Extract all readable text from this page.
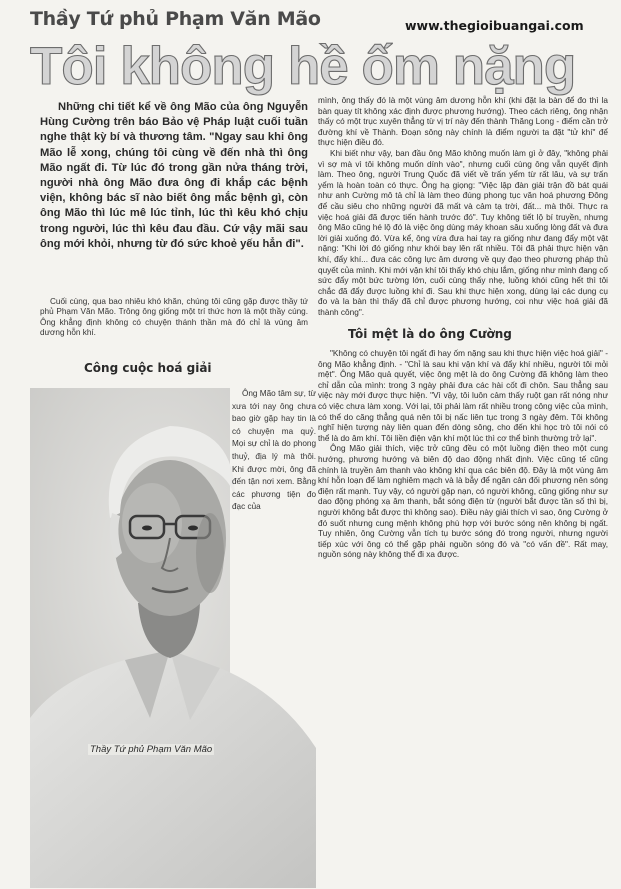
Thầy Tứ phủ Phạm Văn Mão	www.thegioibuangai.com
Tôi không hề ốm nặng
Những chi tiết kể về ông Mão của ông Nguyễn Hùng Cường trên báo Bảo vệ Pháp luật cuối tuần nghe thật kỳ bí và thương tâm. "Ngay sau khi ông Mão lễ xong, chúng tôi cùng về đến nhà thì ông Mão ngất đi. Từ lúc đó trong gần nửa tháng trời, người nhà ông Mão đưa ông đi khắp các bệnh viện, không bác sĩ nào biết ông mắc bệnh gì, còn ông Mão thì lúc mê lúc tỉnh, lúc thì kêu khó chịu trong người, lúc thì kêu đau đầu. Cứ vậy mãi sau ông mới khỏi, nhưng từ đó sức khoẻ yếu hẳn đi".
Cuối cùng, qua bao nhiêu khó khăn, chúng tôi cũng gặp được thầy tứ phủ Phạm Văn Mão. Trông ông giống một trí thức hơn là một thầy cúng. Ông khẳng định không có chuyện thánh thần mà đó chỉ là vùng âm dương hỗn khí.
Công cuộc hoá giải
Ông Mão tâm sự, từ xưa tới nay ông chưa bao giờ gặp hay tin là có chuyện ma quỷ. Mọi sự chỉ là do phong thuỷ, địa lý mà thôi. Khi được mời, ông đã đến tận nơi xem. Bằng các phương tiện đo đạc của
Thầy Tứ phủ Phạm Văn Mão

mình, ông thấy đó là một vùng âm dương hỗn khí (khi đặt la bàn để đo thì la bàn quay tít không xác định được phương hướng). Theo cách riêng, ông nhận thấy có một trục xuyên thẳng từ vị trí này đến thành Thăng Long - điểm cần trở đường khí về Thành. Đoạn sông này chính là điểm người ta đặt "tử khí" để thực hiện điều đó.

Khi biết như vậy, ban đầu ông Mão không muốn làm gì ở đây, "không phải vì sợ mà vì tôi không muốn dính vào", nhưng cuối cùng ông vẫn quyết định làm. Theo ông, người Trung Quốc đã viết về trấn yểm từ rất lâu, và sự trấn yểm là hoàn toàn có thực. Ông hạ giọng: "Việc lập đàn giải trận đồ bát quái như anh Cường mô tả chỉ là làm theo đúng phong tục văn hoá phương Đông để cầu siêu cho những người đã mất và cảm tạ trời, đất... mà thôi. Thực ra việc hoá giải đã được tiến hành trước đó". Tuy không tiết lộ bí truyền, nhưng ông Mão cũng hé lộ đó là việc ông dùng máy khoan sâu xuống lòng đất và đưa lời giải xuống đó. Vừa kể, ông vừa đưa hai tay ra giống như đang đẩy một vật nặng: "Khi lời đó giống như khói bay lên rất nhiều. Tôi đã phải thực hiện vận khí, đẩy khí... đưa các công lực âm dương về quy đạo theo phương pháp thủ quyết của mình. Khi mới vận khí tôi thấy khó chịu lắm, giống như mình đang cố sức đẩy một bức tường lớn, cuối cùng thấy nhẹ, luồng khói cũng hết thì tôi chắc đã đẩy được luồng khí đi. Sau khi thực hiện xong, dùng lại các dụng cụ đo và la bàn thì thấy đã chỉ được phương hướng, coi như việc hoá giải đã thành công".

Tôi mệt là do ông Cường

"Không có chuyện tôi ngất đi hay ốm nặng sau khi thực hiện việc hoá giải" - ông Mão khẳng định. - "Chỉ là sau khi vận khí và đẩy khí nhiều, người tôi mỏi mệt". Ông Mão quả quyết, việc ông mệt là do ông Cường đã không làm theo chỉ dẫn của mình: trong 3 ngày phải đưa các hài cốt đi chôn. Sau thẳng sau việc này mới được thực hiện. "Vì vậy, tôi luôn cảm thấy ruột gan rất nóng như có việc chưa làm xong. Với lại, tôi phải làm rất nhiều trong công việc của mình, có thể do căng thẳng quá nên tôi bị nấc liên tục trong 3 ngày đêm. Tôi không nghĩ hiện tượng này liên quan đến dòng sông, cho đến khi học trò tôi nói có thể là do âm khí. Tôi liền điện vận khí một lúc thì cơ thể bình thường trở lại".

Ông Mão giải thích, việc trở cũng đều có một luồng điện theo một cung hướng, phương hướng và biên độ dao động nhất định. Việc cũng tế cũng chính là truyền âm thanh vào không khí qua các biên độ. Đây là một vùng âm khí hỗn loạn để làm nghiêm mạch và là bẫy để ngăn cản đối phương nên sóng điện rất mạnh. Tuy vậy, có người gặp nạn, có người không, cũng giống như sự dao động phóng xạ âm thanh, bắt sóng điện từ (người bắt được tần số thì bị, người không bắt được thì không sao). Điều này giải thích vì sao, ông Cường ở đó suốt nhưng cung mệnh không phù hợp với bước sóng nên không bị ngất. Tuy nhiên, ông Cường vẫn tích tụ bước sóng đó trong người, nhưng người tiếp xúc với ông có thể gặp phải nguồn sóng đó và "có vấn đề". Rất may, nguồn sóng này không thể đi xa được.
